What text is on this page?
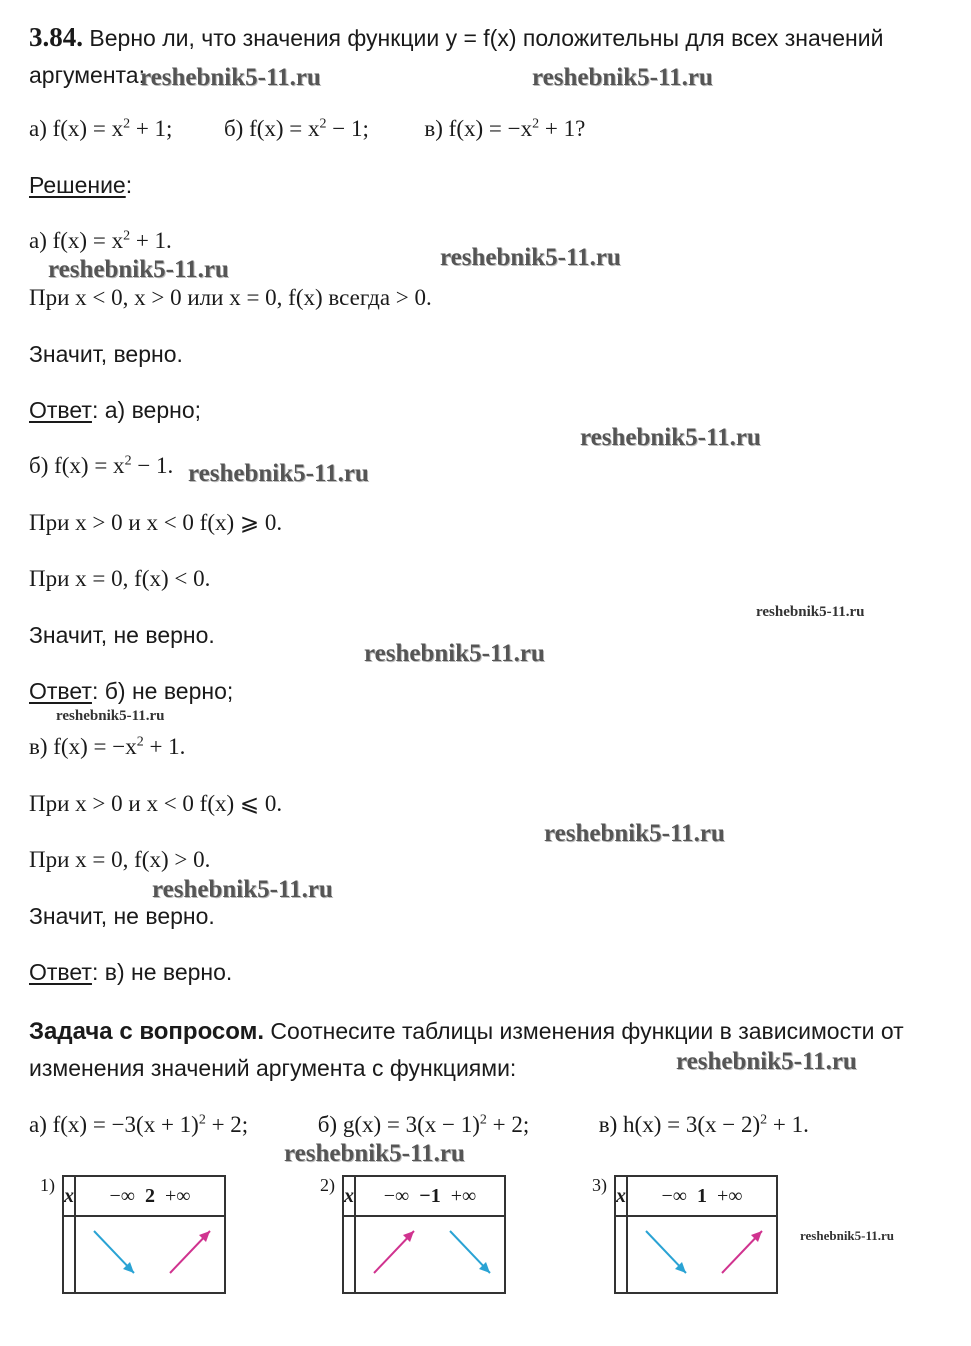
3.84. Верно ли, что значения функции y = f(x) положительны для всех значений
аргумента:
а) $f(x) = x^2 + 1$; б) $f(x) = x^2 - 1$; в) $f(x) = -x^2 + 1$?
Решение:
а) $f(x) = x^2 + 1$.
При x < 0, x > 0 или x = 0, f(x) всегда > 0.
Значит, верно.
Ответ: а) верно;
б) $f(x) = x^2 - 1$.
При x > 0 и x < 0 f(x) ⩾ 0.
При x = 0, f(x) < 0.
Значит, не верно.
Ответ: б) не верно;
в) $f(x) = -x^2 + 1$.
При x > 0 и x < 0 f(x) ⩽ 0.
При x = 0, f(x) > 0.
Значит, не верно.
Ответ: в) не верно.
Задача с вопросом. Соотнесите таблицы изменения функции в зависимости от
изменения значений аргумента с функциями:
а) $f(x) = -3(x + 1)^2 + 2$;	б) $g(x) = 3(x - 1)^2 + 2$;	в) $h(x) = 3(x - 2)^2 + 1$.
1) x	−∞ 2 +∞
		2) x	−∞ −1 +∞
		3) x	−∞ 1 +∞

reshebnik5-11.ru	reshebnik5-11.ru
reshebnik5-11.ru	reshebnik5-11.ru
reshebnik5-11.ru
reshebnik5-11.ru
reshebnik5-11.ru
reshebnik5-11.ru
reshebnik5-11.ru
reshebnik5-11.ru
reshebnik5-11.ru
reshebnik5-11.ru
reshebnik5-11.ru
reshebnik5-11.ru
